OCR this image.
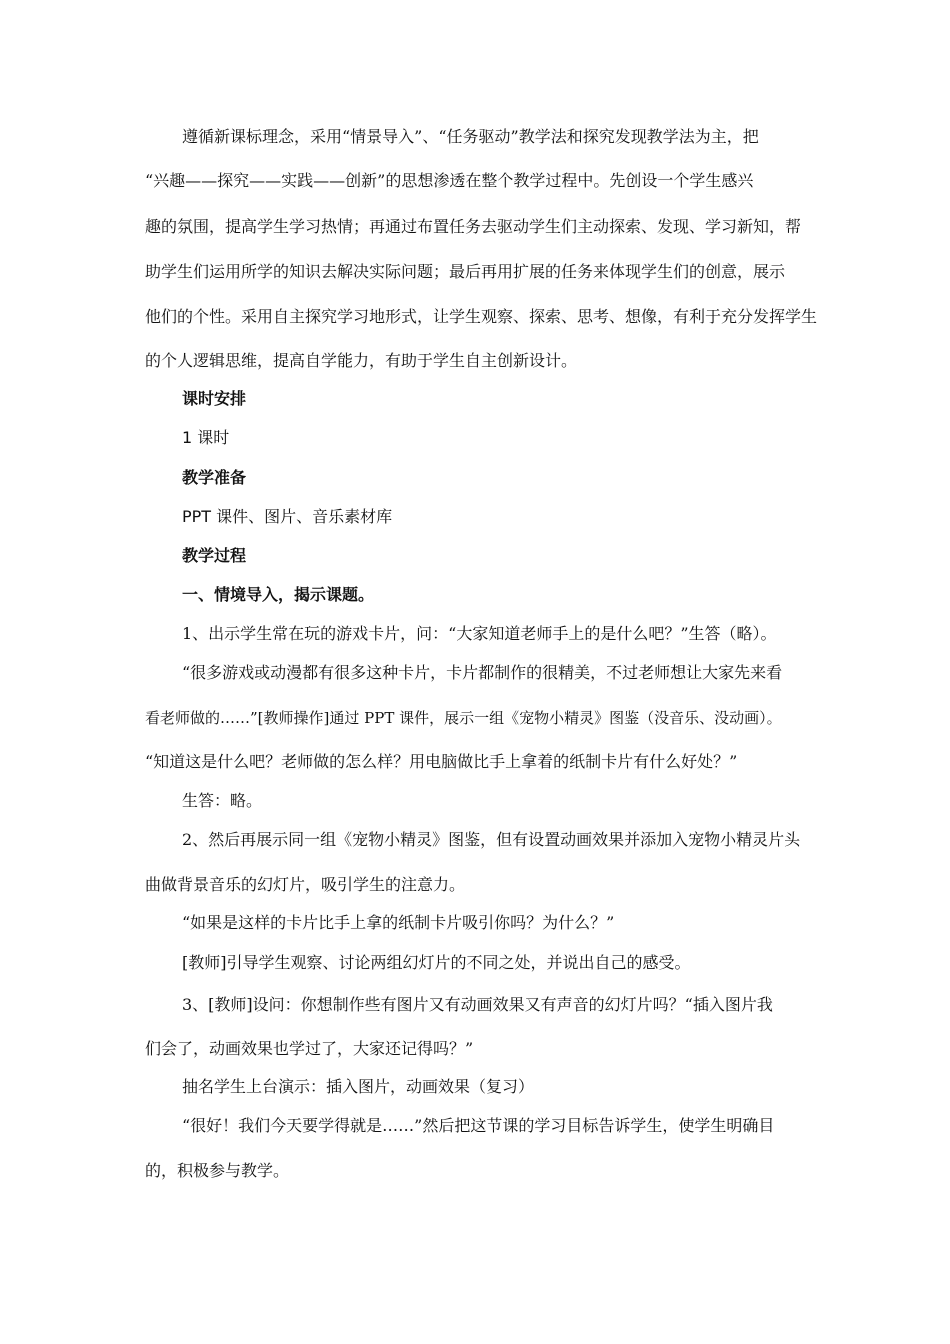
遵循新课标理念，采用“情景导入”、“任务驱动”教学法和探究发现教学法为主，把

“兴趣——探究——实践——创新”的思想渗透在整个教学过程中。先创设一个学生感兴

趣的氛围，提高学生学习热情；再通过布置任务去驱动学生们主动探索、发现、学习新知，帮

助学生们运用所学的知识去解决实际问题；最后再用扩展的任务来体现学生们的创意，展示

他们的个性。采用自主探究学习地形式，让学生观察、探索、思考、想像，有利于充分发挥学生

的个人逻辑思维，提高自学能力，有助于学生自主创新设计。

课时安排

1 课时

教学准备

PPT 课件、图片、音乐素材库

教学过程

一、情境导入，揭示课题。

1、出示学生常在玩的游戏卡片，问：“大家知道老师手上的是什么吧？”生答（略）。

“很多游戏或动漫都有很多这种卡片，卡片都制作的很精美，不过老师想让大家先来看

看老师做的……”[教师操作]通过 PPT 课件，展示一组《宠物小精灵》图鉴（没音乐、没动画）。

“知道这是什么吧？老师做的怎么样？用电脑做比手上拿着的纸制卡片有什么好处？”

生答：略。

2、然后再展示同一组《宠物小精灵》图鉴，但有设置动画效果并添加入宠物小精灵片头

曲做背景音乐的幻灯片，吸引学生的注意力。

“如果是这样的卡片比手上拿的纸制卡片吸引你吗？为什么？”

[教师]引导学生观察、讨论两组幻灯片的不同之处，并说出自己的感受。

3、[教师]设问：你想制作些有图片又有动画效果又有声音的幻灯片吗？“插入图片我

们会了，动画效果也学过了，大家还记得吗？”

抽名学生上台演示：插入图片，动画效果（复习）

“很好！我们今天要学得就是……”然后把这节课的学习目标告诉学生，使学生明确目

的，积极参与教学。
